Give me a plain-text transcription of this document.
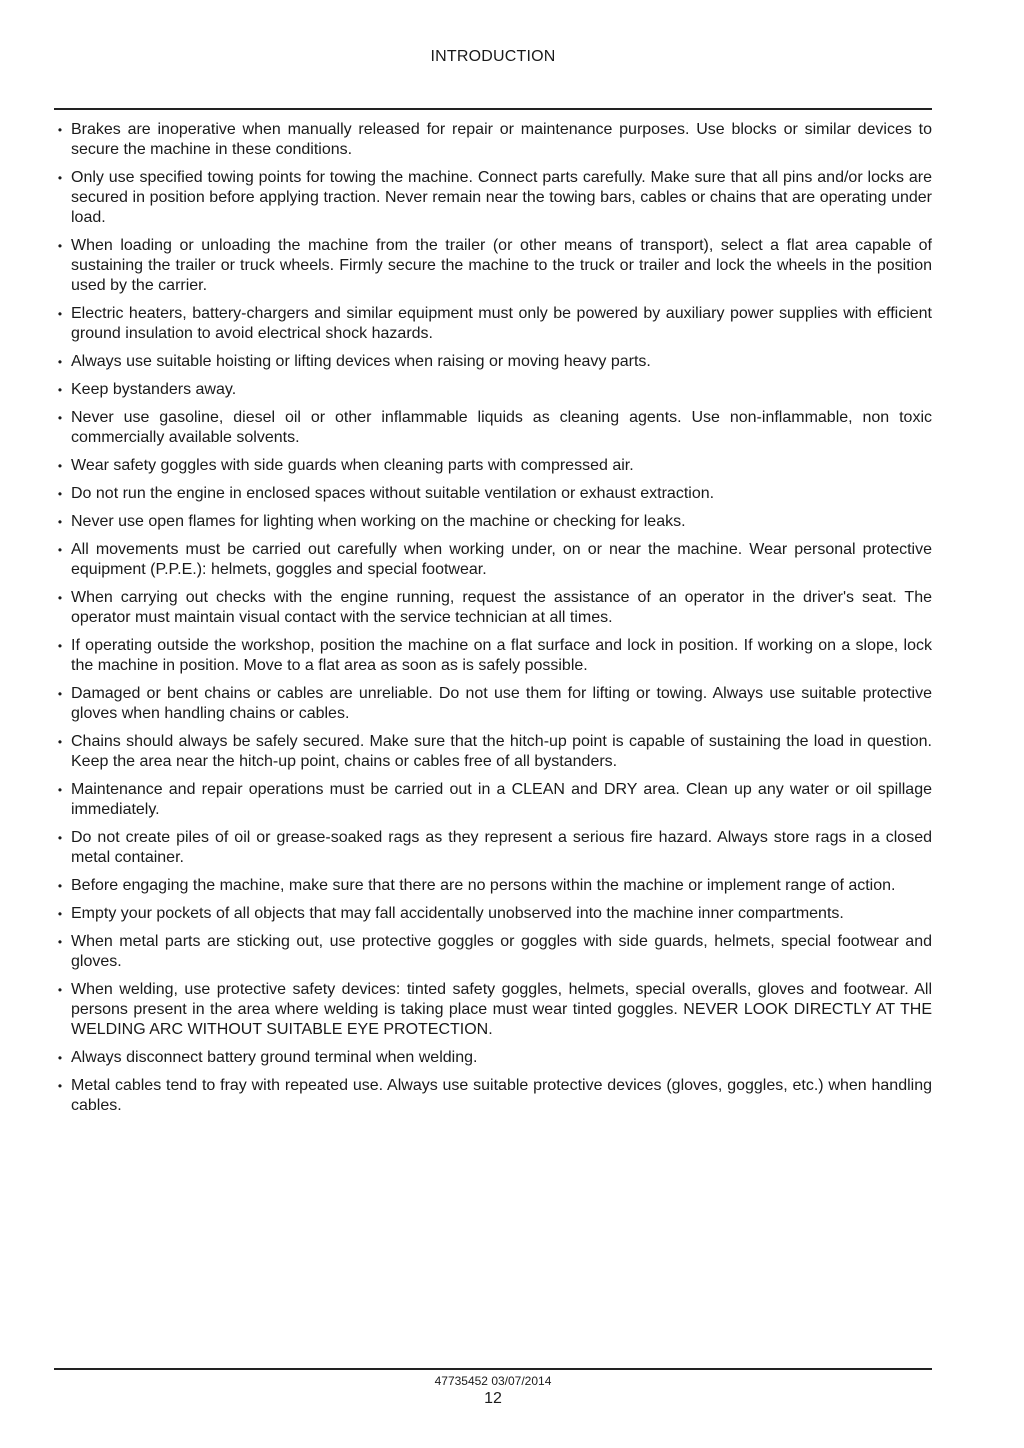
INTRODUCTION
• Brakes are inoperative when manually released for repair or maintenance purposes. Use blocks or similar devices to secure the machine in these conditions.
• Only use specified towing points for towing the machine. Connect parts carefully. Make sure that all pins and/or locks are secured in position before applying traction. Never remain near the towing bars, cables or chains that are operating under load.
• When loading or unloading the machine from the trailer (or other means of transport), select a flat area capable of sustaining the trailer or truck wheels. Firmly secure the machine to the truck or trailer and lock the wheels in the position used by the carrier.
• Electric heaters, battery-chargers and similar equipment must only be powered by auxiliary power supplies with efficient ground insulation to avoid electrical shock hazards.
• Always use suitable hoisting or lifting devices when raising or moving heavy parts.
• Keep bystanders away.
• Never use gasoline, diesel oil or other inflammable liquids as cleaning agents. Use non-inflammable, non toxic commercially available solvents.
• Wear safety goggles with side guards when cleaning parts with compressed air.
• Do not run the engine in enclosed spaces without suitable ventilation or exhaust extraction.
• Never use open flames for lighting when working on the machine or checking for leaks.
• All movements must be carried out carefully when working under, on or near the machine. Wear personal protective equipment (P.P.E.): helmets, goggles and special footwear.
• When carrying out checks with the engine running, request the assistance of an operator in the driver's seat. The operator must maintain visual contact with the service technician at all times.
• If operating outside the workshop, position the machine on a flat surface and lock in position. If working on a slope, lock the machine in position. Move to a flat area as soon as is safely possible.
• Damaged or bent chains or cables are unreliable. Do not use them for lifting or towing. Always use suitable protective gloves when handling chains or cables.
• Chains should always be safely secured. Make sure that the hitch-up point is capable of sustaining the load in question. Keep the area near the hitch-up point, chains or cables free of all bystanders.
• Maintenance and repair operations must be carried out in a CLEAN and DRY area. Clean up any water or oil spillage immediately.
• Do not create piles of oil or grease-soaked rags as they represent a serious fire hazard. Always store rags in a closed metal container.
• Before engaging the machine, make sure that there are no persons within the machine or implement range of action.
• Empty your pockets of all objects that may fall accidentally unobserved into the machine inner compartments.
• When metal parts are sticking out, use protective goggles or goggles with side guards, helmets, special footwear and gloves.
• When welding, use protective safety devices: tinted safety goggles, helmets, special overalls, gloves and footwear. All persons present in the area where welding is taking place must wear tinted goggles. NEVER LOOK DIRECTLY AT THE WELDING ARC WITHOUT SUITABLE EYE PROTECTION.
• Always disconnect battery ground terminal when welding.
• Metal cables tend to fray with repeated use. Always use suitable protective devices (gloves, goggles, etc.) when handling cables.
47735452 03/07/2014
12
